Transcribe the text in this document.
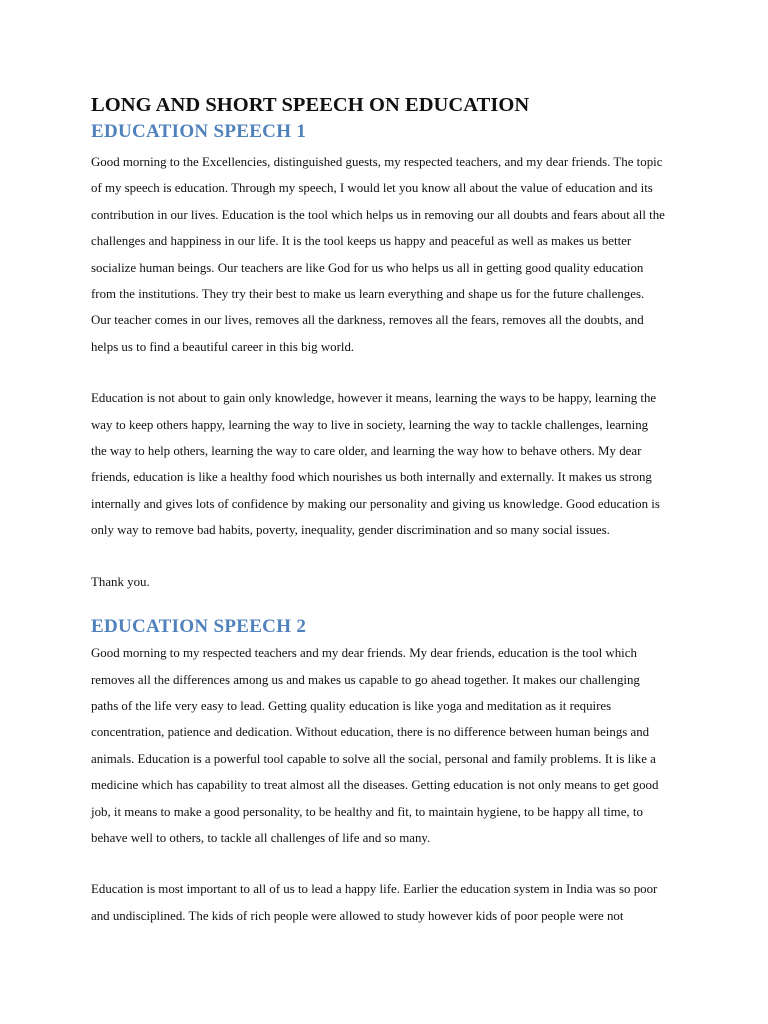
LONG AND SHORT SPEECH ON EDUCATION
EDUCATION SPEECH 1

Good morning to the Excellencies, distinguished guests, my respected teachers, and my dear friends. The topic
of my speech is education. Through my speech, I would let you know all about the value of education and its
contribution in our lives. Education is the tool which helps us in removing our all doubts and fears about all the
challenges and happiness in our life. It is the tool keeps us happy and peaceful as well as makes us better
socialize human beings. Our teachers are like God for us who helps us all in getting good quality education
from the institutions. They try their best to make us learn everything and shape us for the future challenges.
Our teacher comes in our lives, removes all the darkness, removes all the fears, removes all the doubts, and
helps us to find a beautiful career in this big world.

Education is not about to gain only knowledge, however it means, learning the ways to be happy, learning the
way to keep others happy, learning the way to live in society, learning the way to tackle challenges, learning
the way to help others, learning the way to care older, and learning the way how to behave others. My dear
friends, education is like a healthy food which nourishes us both internally and externally. It makes us strong
internally and gives lots of confidence by making our personality and giving us knowledge. Good education is
only way to remove bad habits, poverty, inequality, gender discrimination and so many social issues.

Thank you.

EDUCATION SPEECH 2

Good morning to my respected teachers and my dear friends. My dear friends, education is the tool which
removes all the differences among us and makes us capable to go ahead together. It makes our challenging
paths of the life very easy to lead. Getting quality education is like yoga and meditation as it requires
concentration, patience and dedication. Without education, there is no difference between human beings and
animals. Education is a powerful tool capable to solve all the social, personal and family problems. It is like a
medicine which has capability to treat almost all the diseases. Getting education is not only means to get good
job, it means to make a good personality, to be healthy and fit, to maintain hygiene, to be happy all time, to
behave well to others, to tackle all challenges of life and so many.

Education is most important to all of us to lead a happy life. Earlier the education system in India was so poor
and undisciplined. The kids of rich people were allowed to study however kids of poor people were not
